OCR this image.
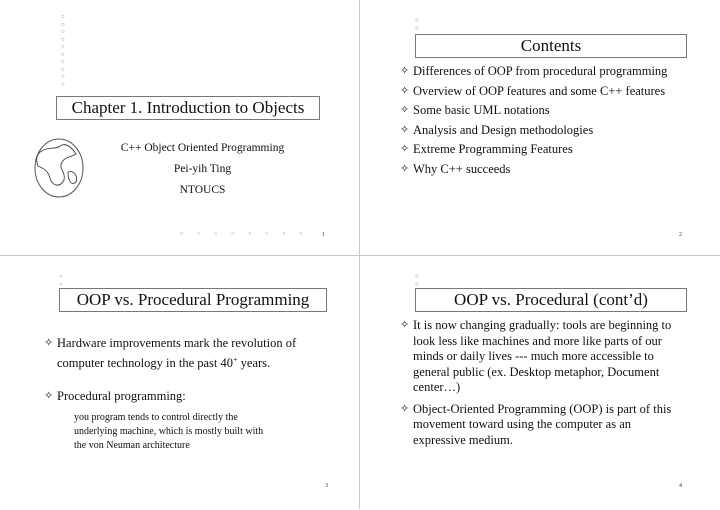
○
○
○
○
○
○
○
○
○
○
Chapter 1. Introduction to Objects
C++ Object Oriented Programming
Pei-yih Ting
NTOUCS
○○○○○○○○ 1
○
○
Contents
✧ Differences of OOP from procedural programming
✧ Overview of OOP features and some C++ features
✧ Some basic UML notations
✧ Analysis and Design methodologies
✧ Extreme Programming Features
✧ Why C++ succeeds
2
○
○
OOP vs. Procedural Programming
✧ Hardware improvements mark the revolution of computer technology in the past 40+ years.
✧ Procedural programming:
you program tends to control directly the underlying machine, which is mostly built with the von Neuman architecture
3
○
○
OOP vs. Procedural (cont’d)
✧ It is now changing gradually: tools are beginning to look less like machines and more like parts of our minds or daily lives --- much more accessible to general public (ex. Desktop metaphor, Document center…)
✧ Object-Oriented Programming (OOP) is part of this movement toward using the computer as an expressive medium.
4
